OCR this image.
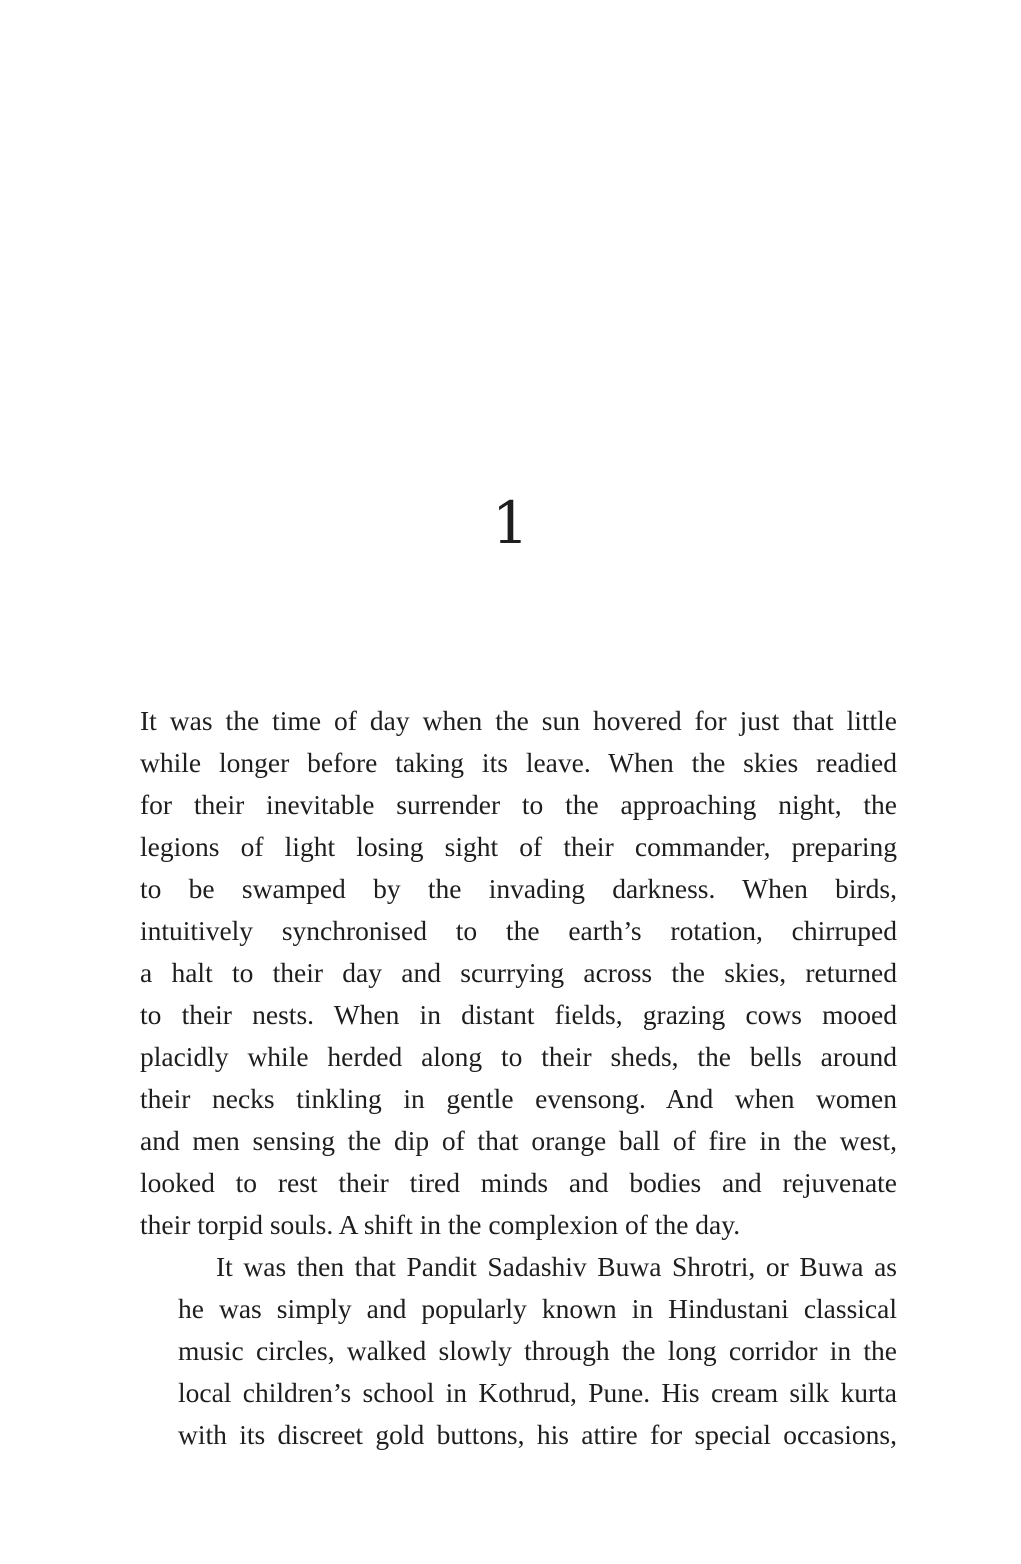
1
It was the time of day when the sun hovered for just that little
while longer before taking its leave. When the skies readied
for their inevitable surrender to the approaching night, the
legions of light losing sight of their commander, preparing
to be swamped by the invading darkness. When birds,
intuitively synchronised to the earth’s rotation, chirruped
a halt to their day and scurrying across the skies, returned
to their nests. When in distant fields, grazing cows mooed
placidly while herded along to their sheds, the bells around
their necks tinkling in gentle evensong. And when women
and men sensing the dip of that orange ball of fire in the west,
looked to rest their tired minds and bodies and rejuvenate
their torpid souls. A shift in the complexion of the day.
It was then that Pandit Sadashiv Buwa Shrotri, or Buwa as
he was simply and popularly known in Hindustani classical
music circles, walked slowly through the long corridor in the
local children’s school in Kothrud, Pune. His cream silk kurta
with its discreet gold buttons, his attire for special occasions,
